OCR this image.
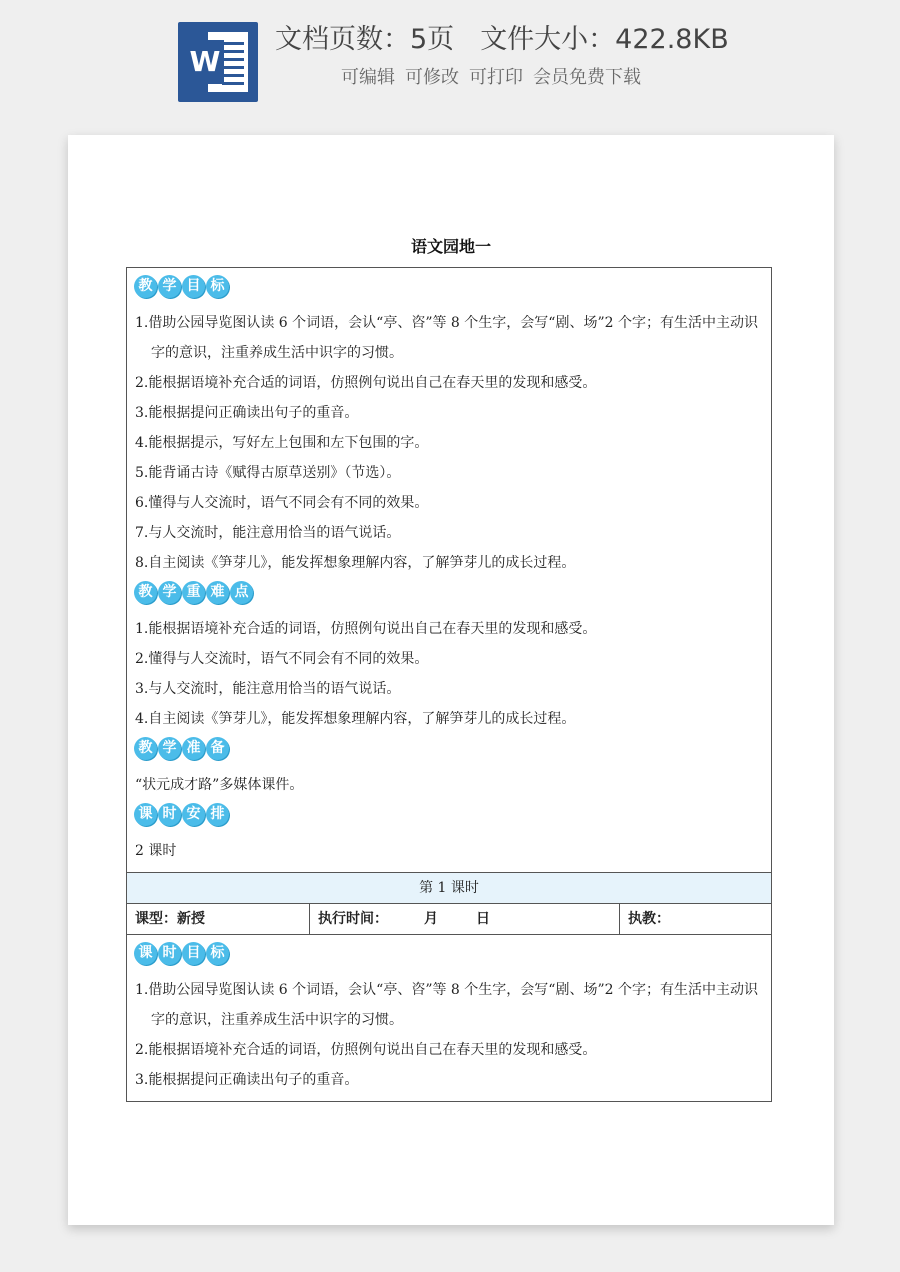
W
文档页数：5页 文件大小：422.8KB
可编辑 可修改 可打印 会员免费下载
语文园地一
教 学 目 标

1.借助公园导览图认读 6 个词语，会认“亭、咨”等 8 个生字，会写“剧、场”2 个字；有生活中主动识字的意识，注重养成生活中识字的习惯。

2.能根据语境补充合适的词语，仿照例句说出自己在春天里的发现和感受。

3.能根据提问正确读出句子的重音。

4.能根据提示，写好左上包围和左下包围的字。

5.能背诵古诗《赋得古原草送别》（节选）。

6.懂得与人交流时，语气不同会有不同的效果。

7.与人交流时，能注意用恰当的语气说话。

8.自主阅读《笋芽儿》，能发挥想象理解内容，了解笋芽儿的成长过程。

教 学 重 难 点

1.能根据语境补充合适的词语，仿照例句说出自己在春天里的发现和感受。

2.懂得与人交流时，语气不同会有不同的效果。

3.与人交流时，能注意用恰当的语气说话。

4.自主阅读《笋芽儿》，能发挥想象理解内容，了解笋芽儿的成长过程。

教 学 准 备

“状元成才路”多媒体课件。

课 时 安 排

2 课时

第 1 课时
课型：新授	执行时间：	月	日	执教：
课 时 目 标

1.借助公园导览图认读 6 个词语，会认“亭、咨”等 8 个生字，会写“剧、场”2 个字；有生活中主动识字的意识，注重养成生活中识字的习惯。

2.能根据语境补充合适的词语，仿照例句说出自己在春天里的发现和感受。

3.能根据提问正确读出句子的重音。
